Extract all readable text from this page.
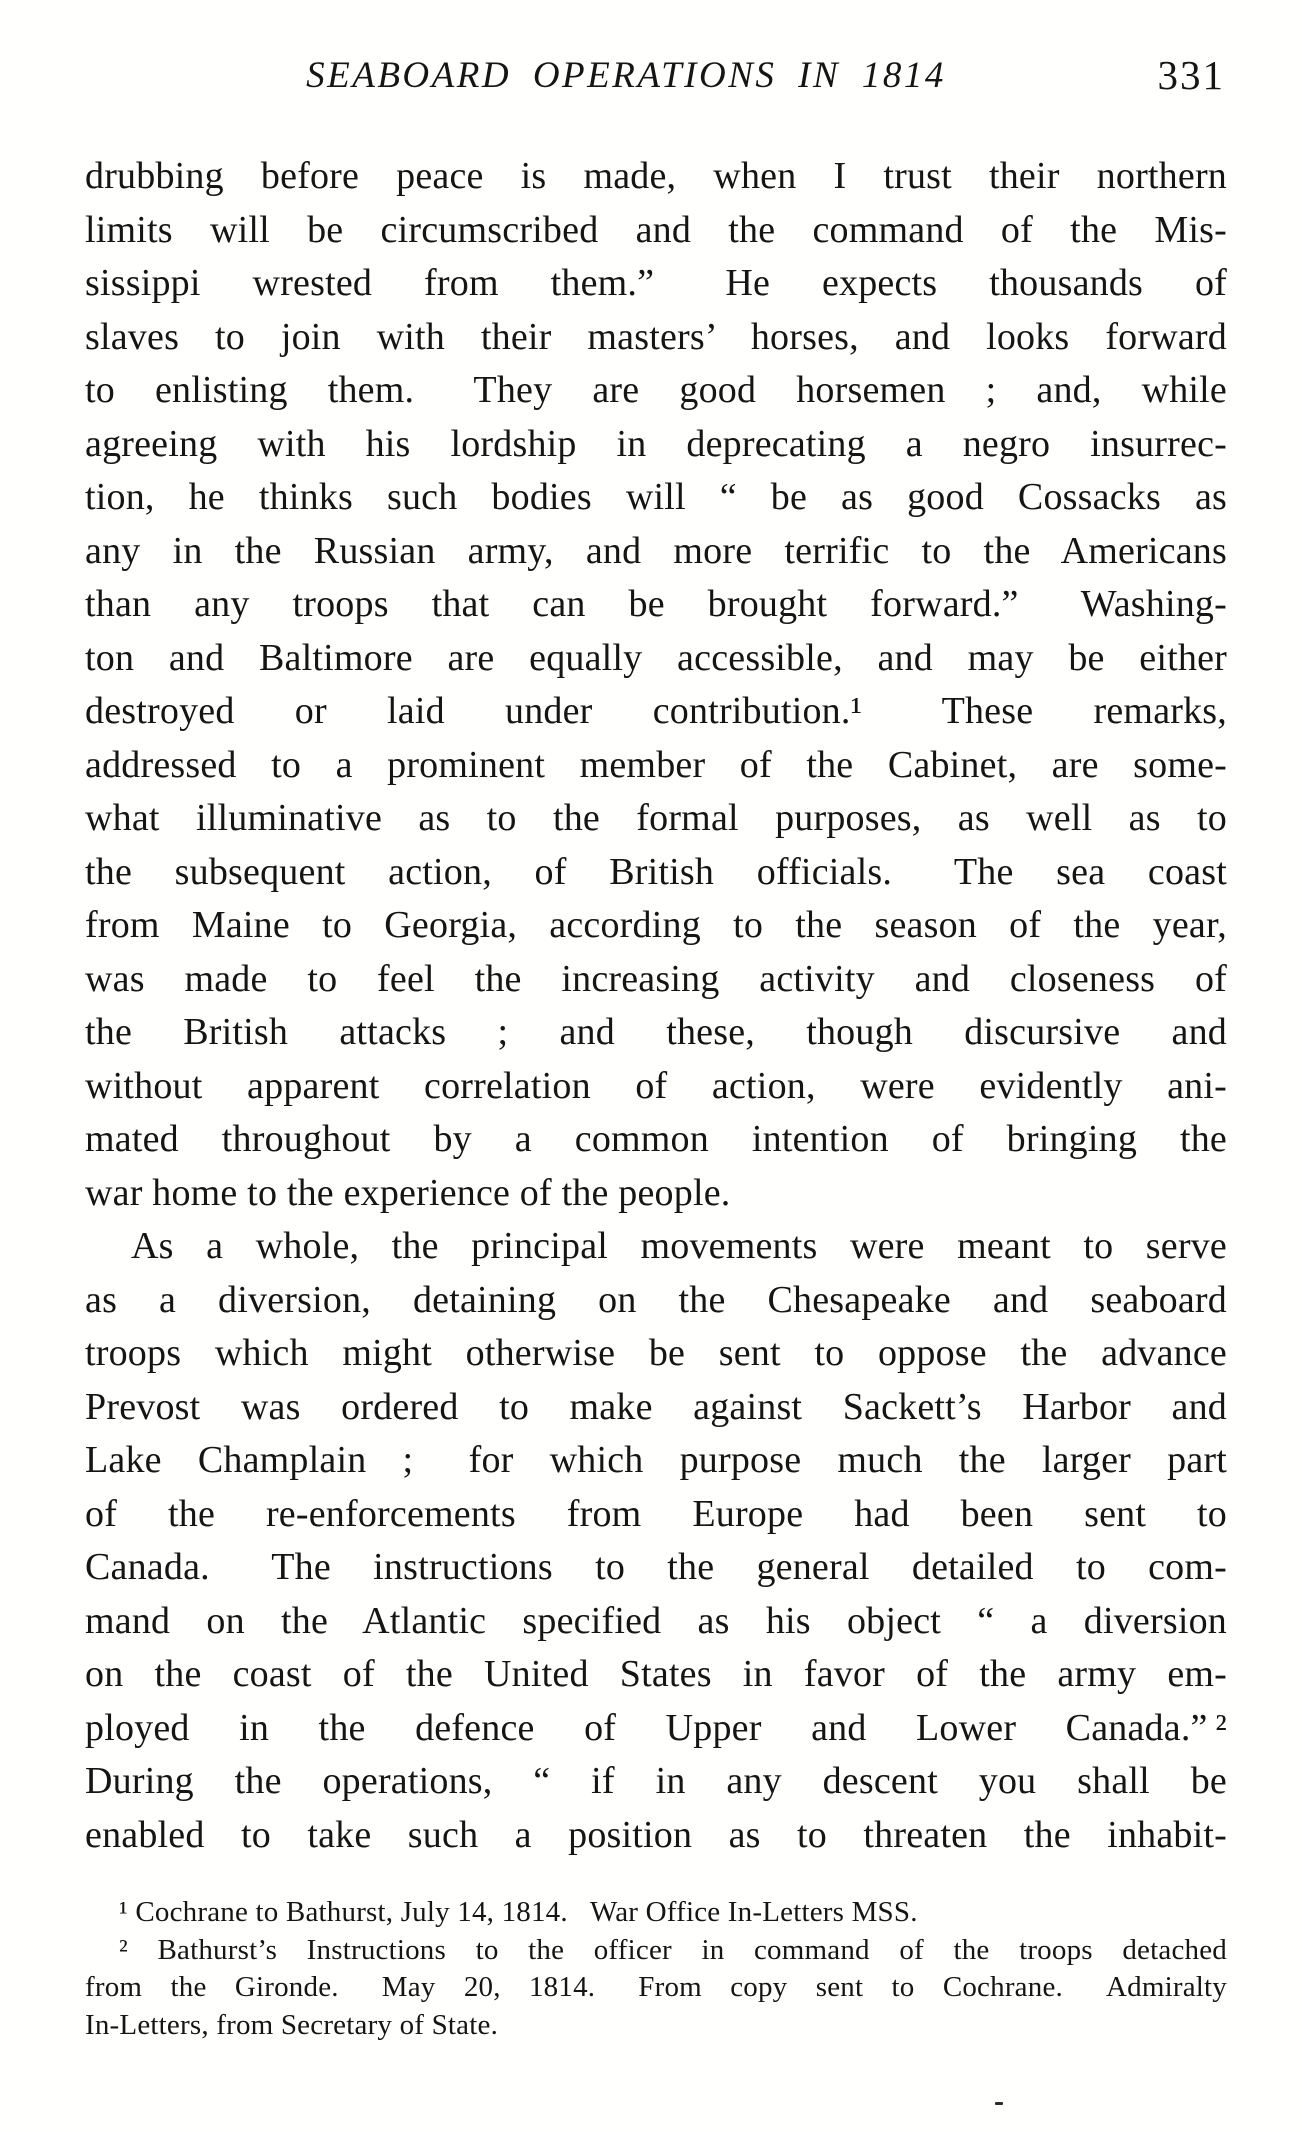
SEABOARD OPERATIONS IN 1814	331
drubbing before peace is made, when I trust their northern
limits will be circumscribed and the command of the Mis-
sissippi wrested from them.”  He expects thousands of
slaves to join with their masters’ horses, and looks forward
to enlisting them.  They are good horsemen ; and, while
agreeing with his lordship in deprecating a negro insurrec-
tion, he thinks such bodies will “ be as good Cossacks as
any in the Russian army, and more terrific to the Americans
than any troops that can be brought forward.”  Washing-
ton and Baltimore are equally accessible, and may be either
destroyed or laid under contribution.¹  These remarks,
addressed to a prominent member of the Cabinet, are some-
what illuminative as to the formal purposes, as well as to
the subsequent action, of British officials.  The sea coast
from Maine to Georgia, according to the season of the year,
was made to feel the increasing activity and closeness of
the British attacks ; and these, though discursive and
without apparent correlation of action, were evidently ani-
mated throughout by a common intention of bringing the
war home to the experience of the people.
As a whole, the principal movements were meant to serve
as a diversion, detaining on the Chesapeake and seaboard
troops which might otherwise be sent to oppose the advance
Prevost was ordered to make against Sackett’s Harbor and
Lake Champlain ;  for which purpose much the larger part
of the re-enforcements from Europe had been sent to
Canada.  The instructions to the general detailed to com-
mand on the Atlantic specified as his object “ a diversion
on the coast of the United States in favor of the army em-
ployed in the defence of Upper and Lower Canada.” ²
During the operations, “ if in any descent you shall be
enabled to take such a position as to threaten the inhabit-
¹ Cochrane to Bathurst, July 14, 1814.  War Office In-Letters MSS.
² Bathurst’s Instructions to the officer in command of the troops detached
from the Gironde.  May 20, 1814.  From copy sent to Cochrane.  Admiralty
In-Letters, from Secretary of State.
